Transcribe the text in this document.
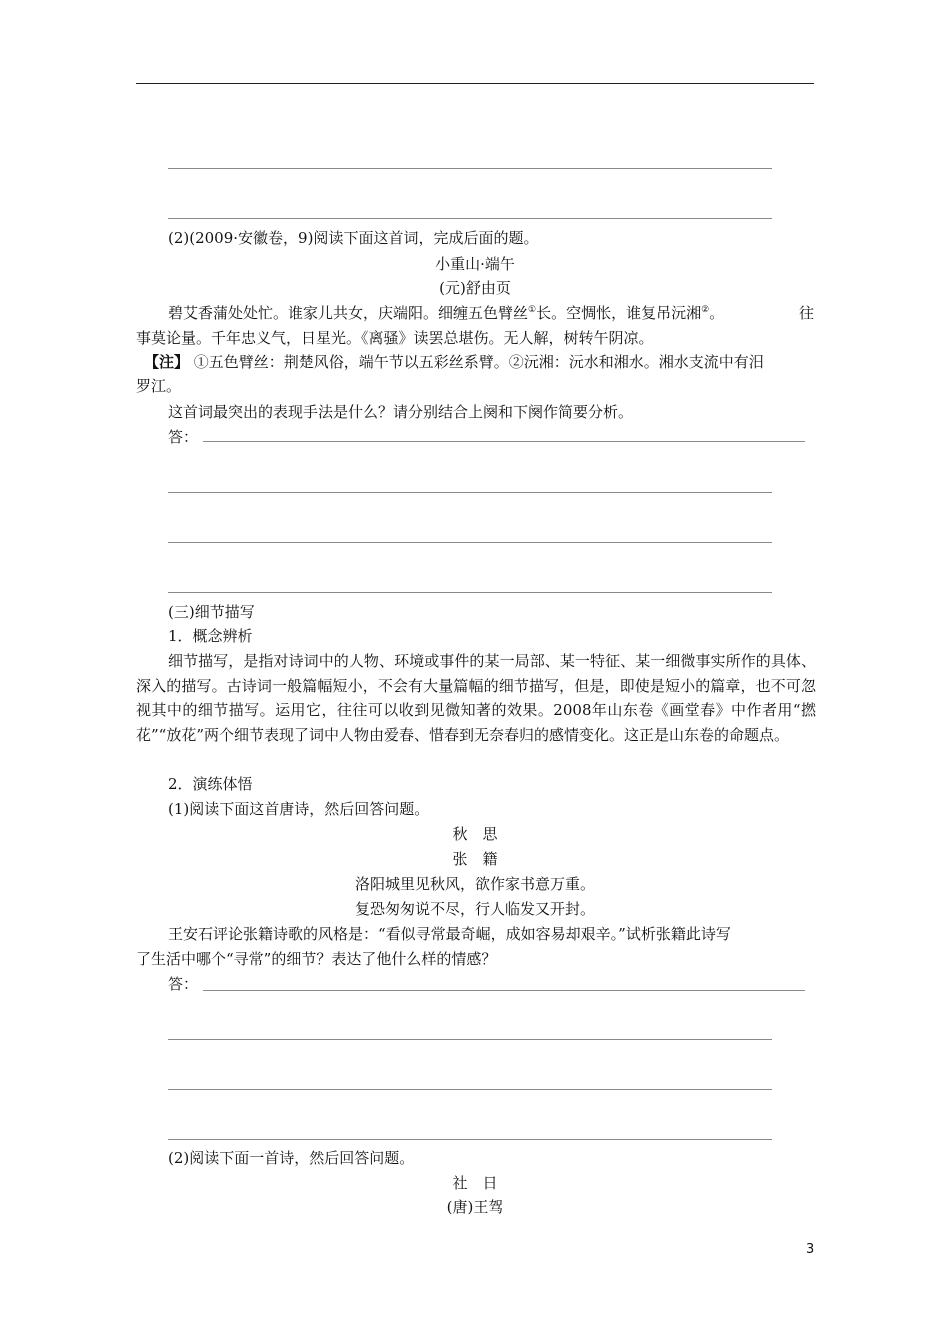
(2)(2009·安徽卷，9)阅读下面这首词，完成后面的题。
小重山·端午
(元)舒由页
碧艾香蒲处处忙。谁家儿共女，庆端阳。细缠五色臂丝①长。空惆怅，谁复吊沅湘②。	往
事莫论量。千年忠义气，日星光。《离骚》读罢总堪伤。无人解，树转午阴凉。
【注】 ①五色臂丝：荆楚风俗，端午节以五彩丝系臂。②沅湘：沅水和湘水。湘水支流中有汨
罗江。
这首词最突出的表现手法是什么？请分别结合上阕和下阕作简要分析。
答：
(三)细节描写
1．概念辨析
细节描写，是指对诗词中的人物、环境或事件的某一局部、某一特征、某一细微事实所作的具体、深入的描写。古诗词一般篇幅短小，不会有大量篇幅的细节描写，但是，即使是短小的篇章，也不可忽视其中的细节描写。运用它，往往可以收到见微知著的效果。2008年山东卷《画堂春》中作者用“撚花”“放花”两个细节表现了词中人物由爱春、惜春到无奈春归的感情变化。这正是山东卷的命题点。
2．演练体悟
(1)阅读下面这首唐诗，然后回答问题。
秋　思
张　籍
洛阳城里见秋风，欲作家书意万重。
复恐匆匆说不尽，行人临发又开封。
王安石评论张籍诗歌的风格是：“看似寻常最奇崛，成如容易却艰辛。”试析张籍此诗写
了生活中哪个“寻常”的细节？表达了他什么样的情感？
答：
(2)阅读下面一首诗，然后回答问题。
社　日
(唐)王驾
3
